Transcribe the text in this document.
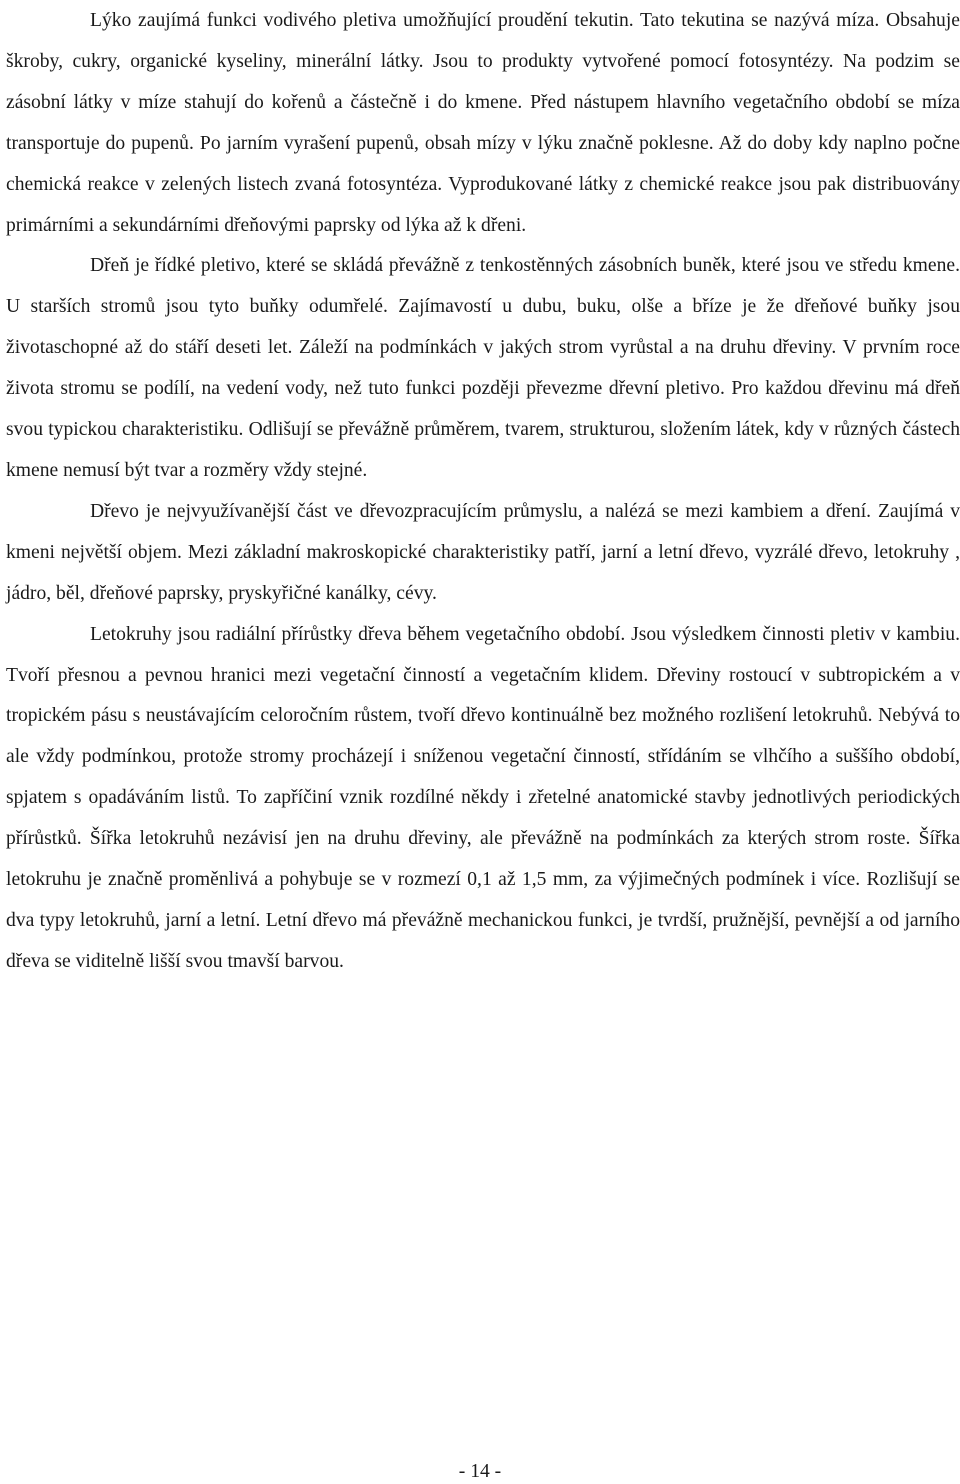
Lýko zaujímá funkci vodivého pletiva umožňující proudění tekutin. Tato tekutina se nazývá míza. Obsahuje škroby, cukry, organické kyseliny, minerální látky. Jsou to produkty vytvořené pomocí fotosyntézy. Na podzim se zásobní látky v míze stahují do kořenů a částečně i do kmene. Před nástupem hlavního vegetačního období se míza transportuje do pupenů. Po jarním vyrašení pupenů, obsah mízy v lýku značně poklesne. Až do doby kdy naplno počne chemická reakce v zelených listech zvaná fotosyntéza. Vyprodukované látky z chemické reakce jsou pak distribuovány primárními a sekundárními dřeňovými paprsky od lýka až k dřeni.

Dřeň je řídké pletivo, které se skládá převážně z tenkostěnných zásobních buněk, které jsou ve středu kmene. U starších stromů jsou tyto buňky odumřelé. Zajímavostí u dubu, buku, olše a bříze je že dřeňové buňky jsou životaschopné až do stáří deseti let. Záleží na podmínkách v jakých strom vyrůstal a na druhu dřeviny. V prvním roce života stromu se podílí, na vedení vody, než tuto funkci později převezme dřevní pletivo. Pro každou dřevinu má dřeň svou typickou charakteristiku. Odlišují se převážně průměrem, tvarem, strukturou, složením látek, kdy v různých částech kmene nemusí být tvar a rozměry vždy stejné.

Dřevo je nejvyužívanější část ve dřevozpracujícím průmyslu, a nalézá se mezi kambiem a dření. Zaujímá v kmeni největší objem. Mezi základní makroskopické charakteristiky patří, jarní a letní dřevo, vyzrálé dřevo, letokruhy , jádro, běl, dřeňové paprsky, pryskyřičné kanálky, cévy.

Letokruhy jsou radiální přírůstky dřeva během vegetačního období. Jsou výsledkem činnosti pletiv v kambiu. Tvoří přesnou a pevnou hranici mezi vegetační činností a vegetačním klidem. Dřeviny rostoucí v subtropickém a v tropickém pásu s neustávajícím celoročním růstem, tvoří dřevo kontinuálně bez možného rozlišení letokruhů. Nebývá to ale vždy podmínkou, protože stromy procházejí i sníženou vegetační činností, střídáním se vlhčího a suššího období, spjatem s opadáváním listů. To zapříčiní vznik rozdílné někdy i zřetelné anatomické stavby jednotlivých periodických přírůstků. Šířka letokruhů nezávisí jen na druhu dřeviny, ale převážně na podmínkách za kterých strom roste. Šířka letokruhu je značně proměnlivá a pohybuje se v rozmezí 0,1 až 1,5 mm, za výjimečných podmínek i více. Rozlišují se dva typy letokruhů, jarní a letní. Letní dřevo má převážně mechanickou funkci, je tvrdší, pružnější, pevnější a od jarního dřeva se viditelně lišší svou tmavší barvou.

- 14 -
